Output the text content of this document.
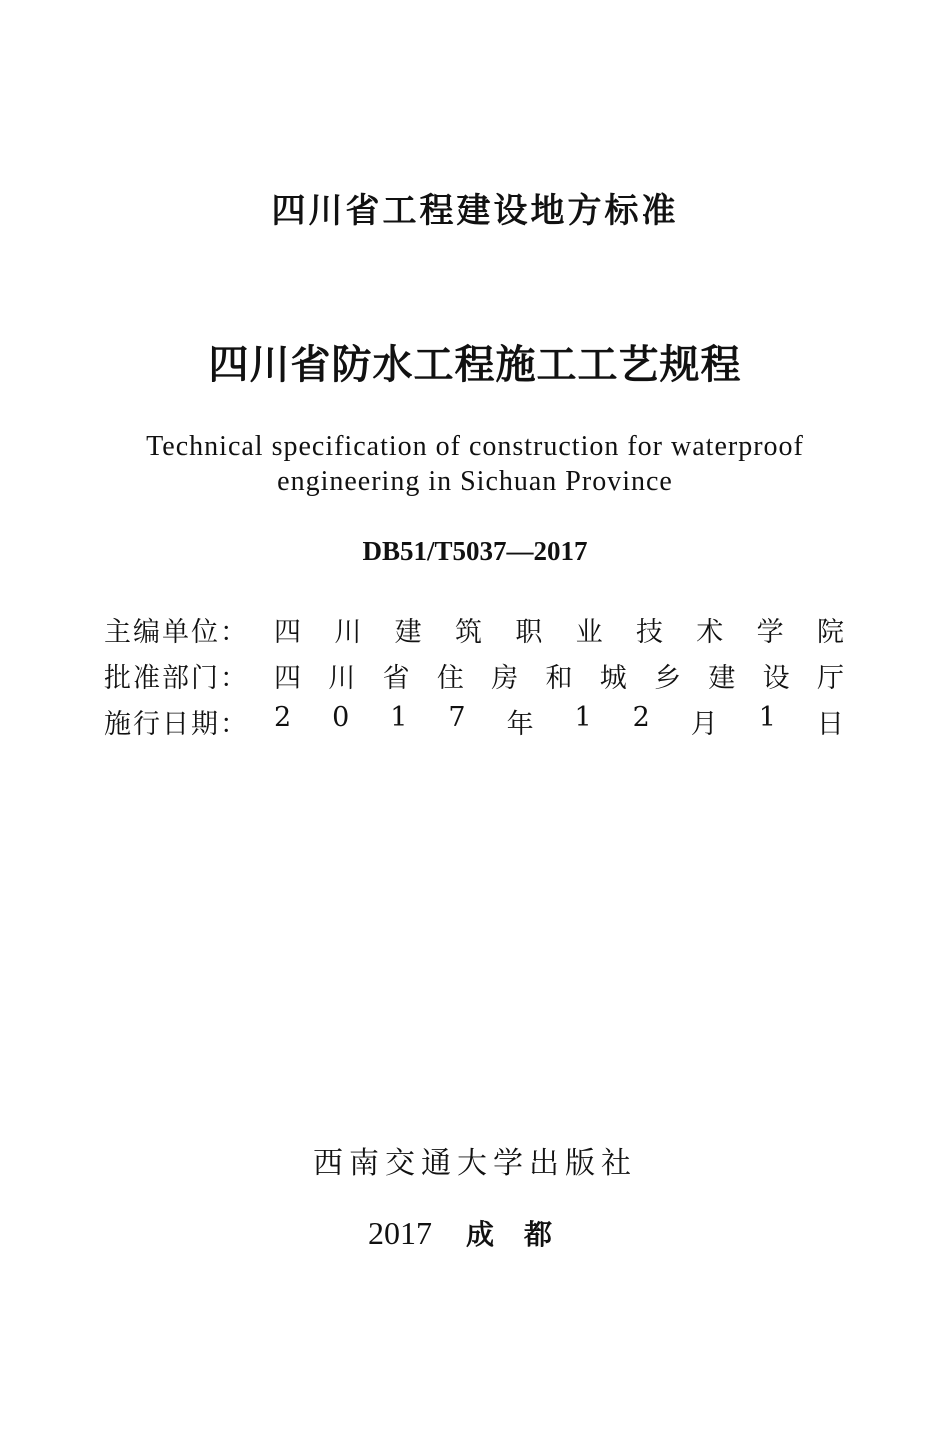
四川省工程建设地方标准
四川省防水工程施工工艺规程
Technical specification of construction for waterproof
engineering in Sichuan Province
DB51/T5037—2017
主编单位： 四 川 建 筑 职 业 技 术 学 院
批准部门： 四 川 省 住 房 和 城 乡 建 设 厅
施行日期： 2 0 1 7 年 1 2 月 1 日
西南交通大学出版社
2017 成都
